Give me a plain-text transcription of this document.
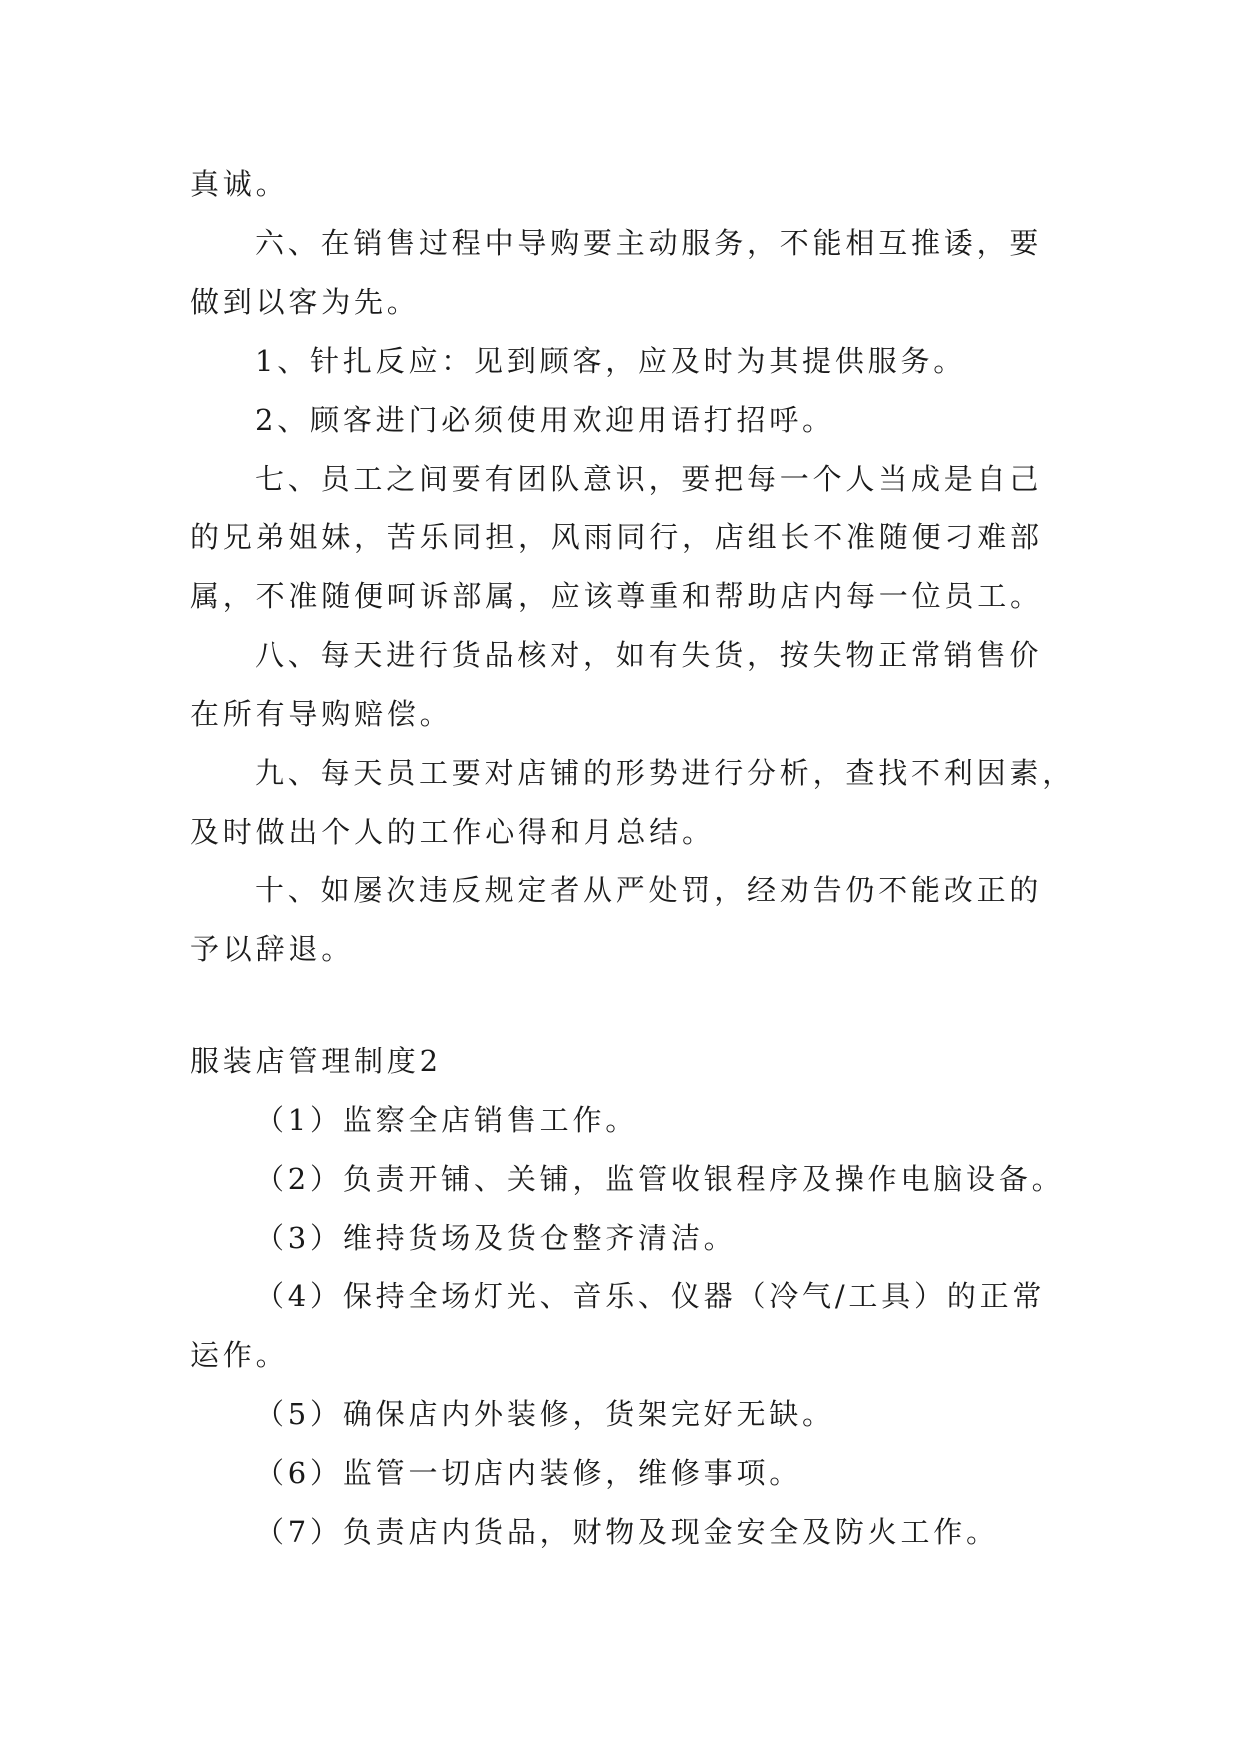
真诚。
六、在销售过程中导购要主动服务，不能相互推诿，要
做到以客为先。
1、针扎反应：见到顾客，应及时为其提供服务。
2、顾客进门必须使用欢迎用语打招呼。
七、员工之间要有团队意识，要把每一个人当成是自己
的兄弟姐妹，苦乐同担，风雨同行，店组长不准随便刁难部
属，不准随便呵诉部属，应该尊重和帮助店内每一位员工。
八、每天进行货品核对，如有失货，按失物正常销售价
在所有导购赔偿。
九、每天员工要对店铺的形势进行分析，查找不利因素，
及时做出个人的工作心得和月总结。
十、如屡次违反规定者从严处罚，经劝告仍不能改正的
予以辞退。
服装店管理制度2
（1）监察全店销售工作。
（2）负责开铺、关铺，监管收银程序及操作电脑设备。
（3）维持货场及货仓整齐清洁。
（4）保持全场灯光、音乐、仪器（冷气/工具）的正常
运作。
（5）确保店内外装修，货架完好无缺。
（6）监管一切店内装修，维修事项。
（7）负责店内货品，财物及现金安全及防火工作。
